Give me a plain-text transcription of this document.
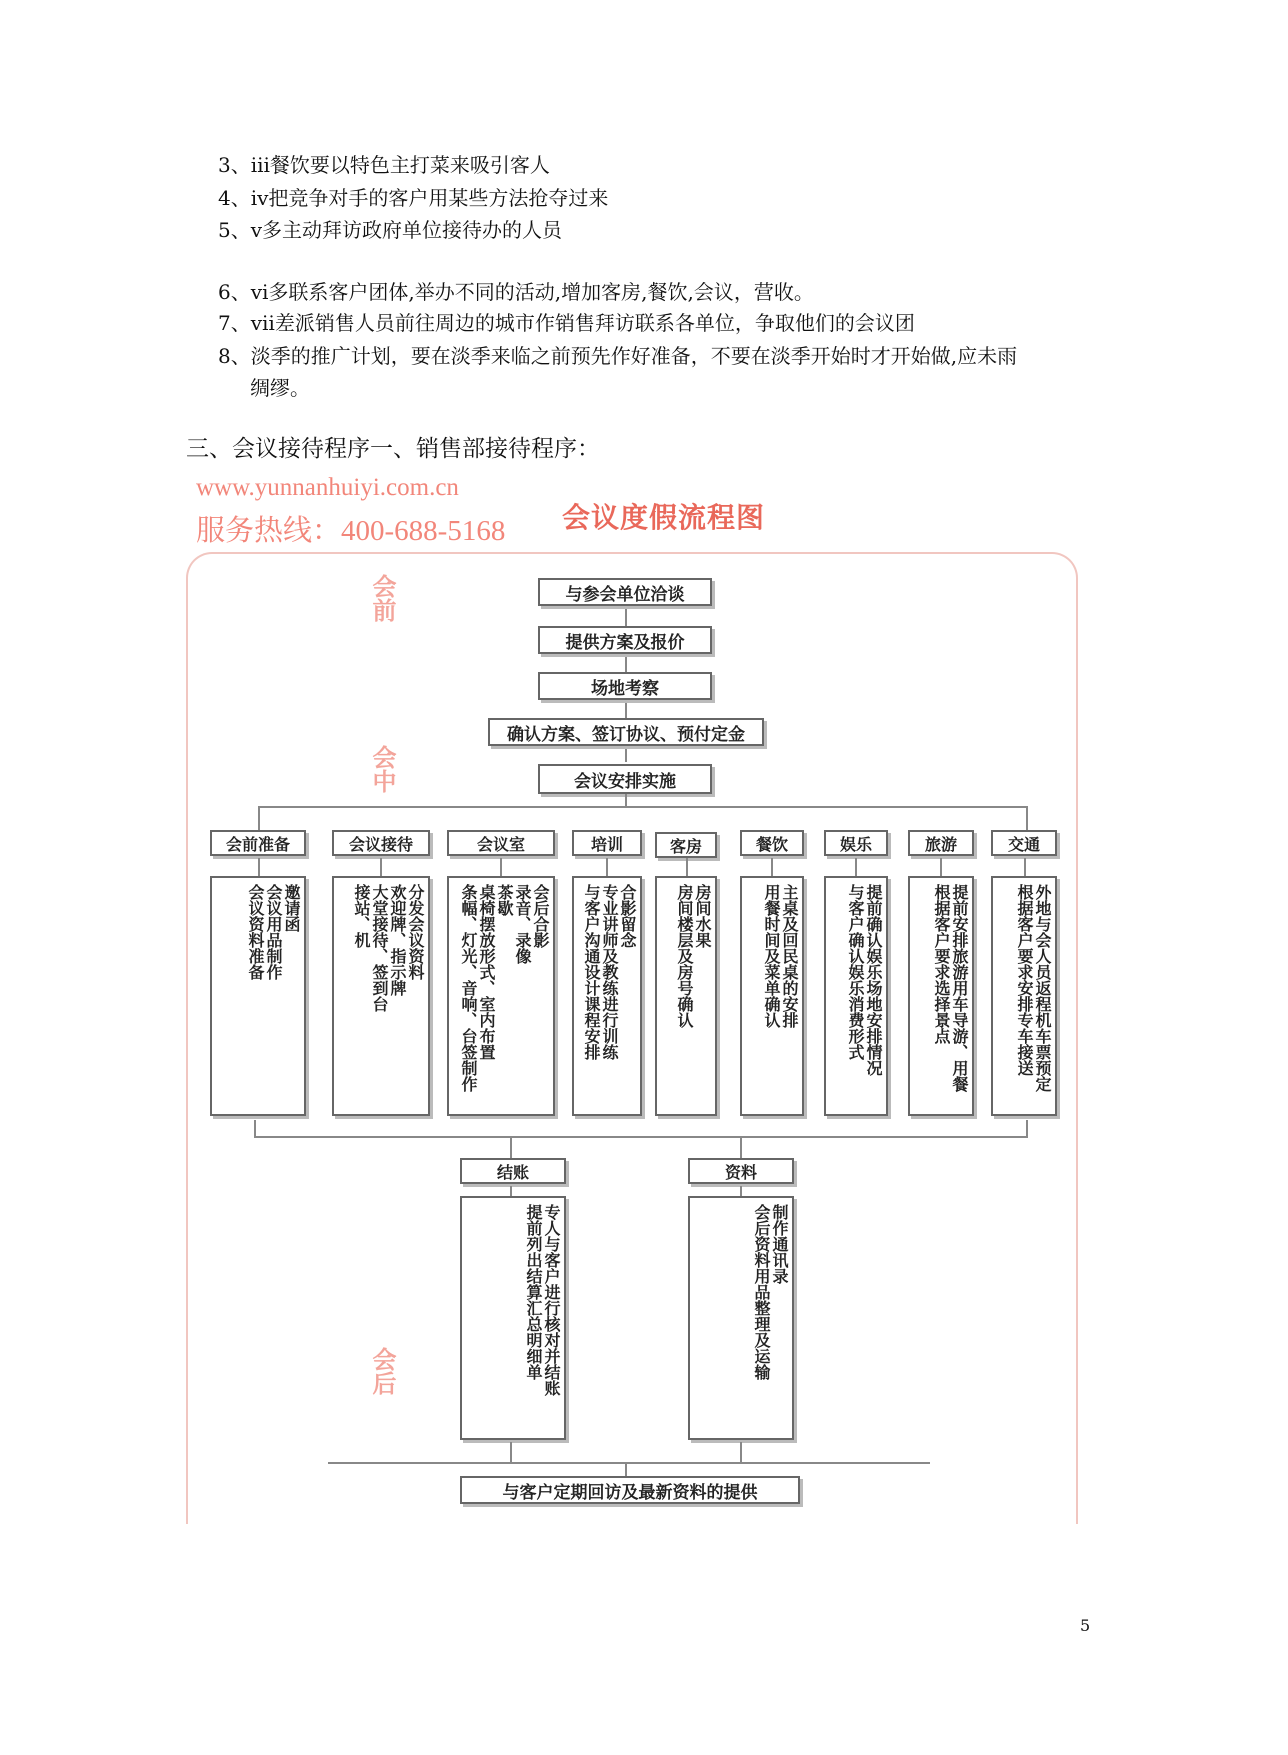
3、ⅲ餐饮要以特色主打菜来吸引客人
4、ⅳ把竞争对手的客户用某些方法抢夺过来
5、ⅴ多主动拜访政府单位接待办的人员
6、ⅵ多联系客户团体,举办不同的活动,增加客房,餐饮,会议，营收。
7、ⅶ差派销售人员前往周边的城市作销售拜访联系各单位，争取他们的会议团
8、淡季的推广计划，要在淡季来临之前预先作好准备，不要在淡季开始时才开始做,应未雨
绸缪。
三、会议接待程序一、销售部接待程序：
www.yunnanhuiyi.com.cn
服务热线：400-688-5168 会议度假流程图
会前
会中
会后
与参会单位洽谈
提供方案及报价
场地考察
确认方案、签订协议、预付定金
会议安排实施
会前准备	会议接待	会议室	培训	客房	餐饮	娱乐	旅游	交通
邀请函
会议用品制作
会议资料准备	分发会议资料
欢迎牌、指示牌
大堂接待、签到台
接站、机	会后合影
录音、录像
茶歇
桌椅摆放形式、室内布置
条幅、灯光、音响、台签制作	合影留念
专业讲师及教练进行训练
与客户沟通设计课程安排	房间水果
房间楼层及房号确认	主桌及回民桌的安排
用餐时间及菜单确认	提前确认娱乐场地安排情况
与客户确认娱乐消费形式	提前安排旅游用车导游、用餐
根据客户要求选择景点	外地与会人员返程机车票预定
根据客户要求安排专车接送
结账	资料
专人与客户进行核对并结账
提前列出结算汇总明细单	制作通讯录
会后资料用品整理及运输
与客户定期回访及最新资料的提供
5
